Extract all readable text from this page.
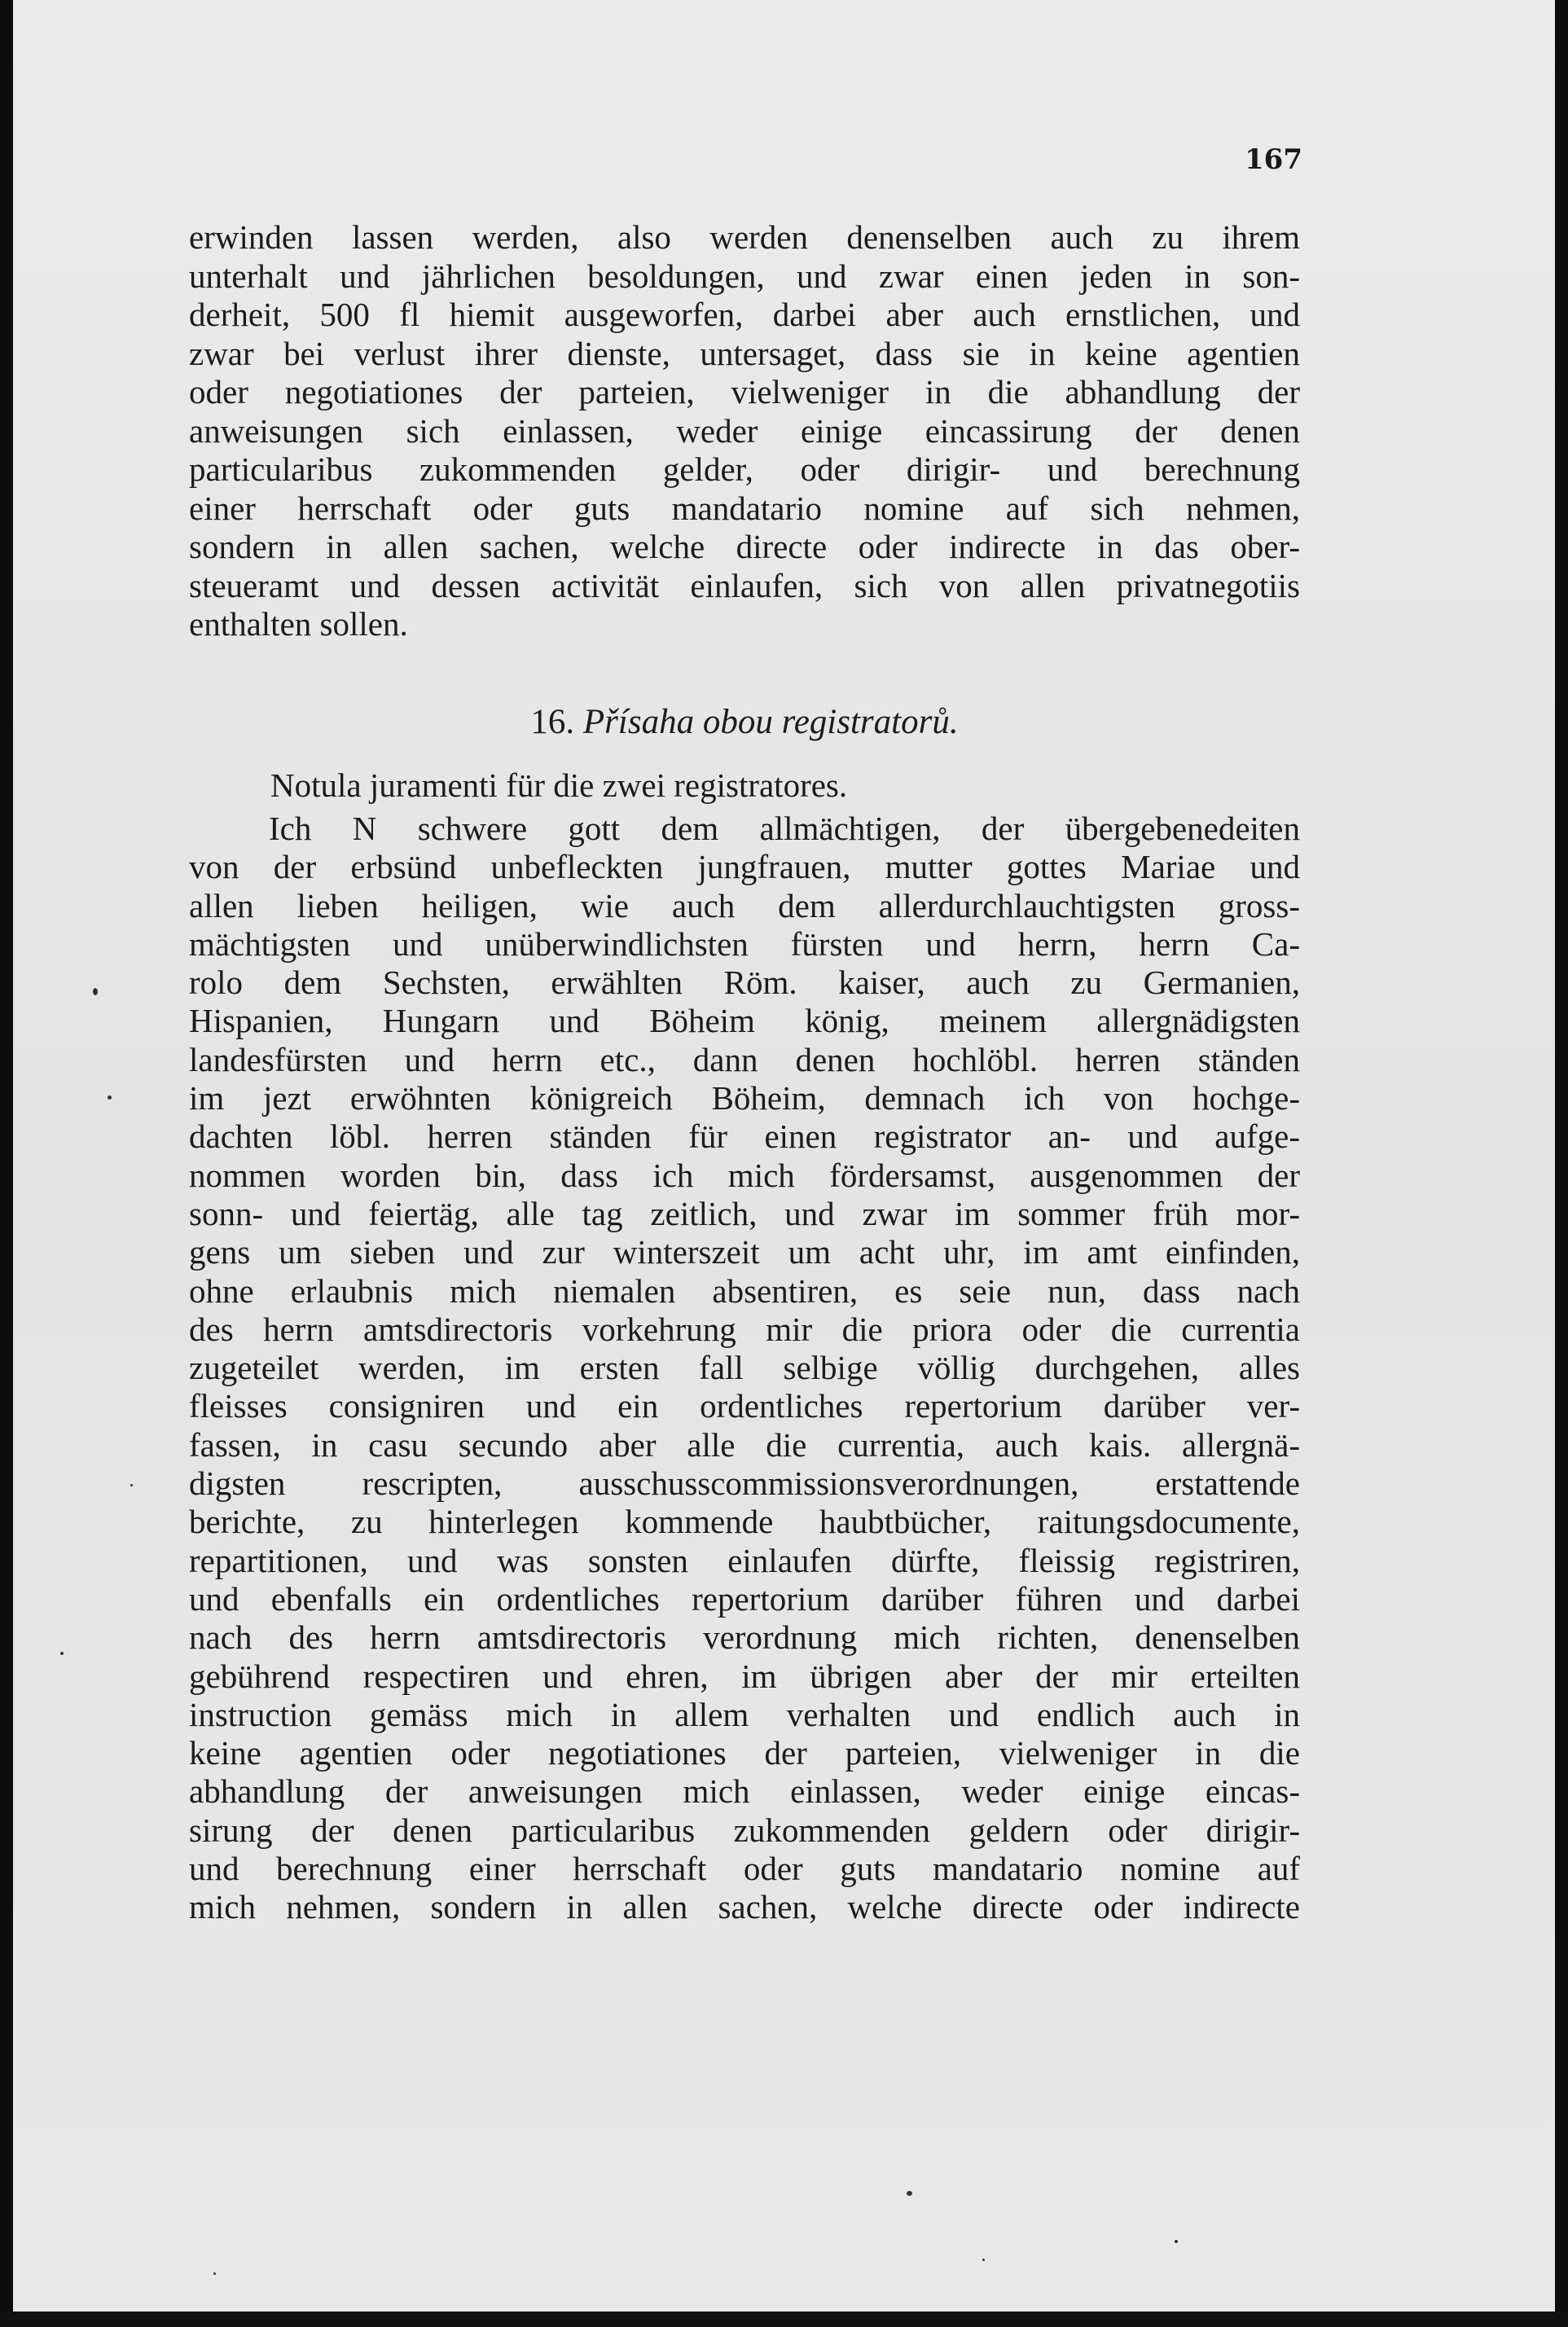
167

erwinden lassen werden, also werden denenselben auch zu ihrem
unterhalt und jährlichen besoldungen, und zwar einen jeden in son-
derheit, 500 fl hiemit ausgeworfen, darbei aber auch ernstlichen, und
zwar bei verlust ihrer dienste, untersaget, dass sie in keine agentien
oder negotiationes der parteien, vielweniger in die abhandlung der
anweisungen sich einlassen, weder einige eincassirung der denen
particularibus zukommenden gelder, oder dirigir- und berechnung
einer herrschaft oder guts mandatario nomine auf sich nehmen,
sondern in allen sachen, welche directe oder indirecte in das ober-
steueramt und dessen activität einlaufen, sich von allen privatnegotiis
enthalten sollen.

16. Přísaha obou registratorů.

Notula juramenti für die zwei registratores.

Ich N schwere gott dem allmächtigen, der übergebenedeiten
von der erbsünd unbefleckten jungfrauen, mutter gottes Mariae und
allen lieben heiligen, wie auch dem allerdurchlauchtigsten gross-
mächtigsten und unüberwindlichsten fürsten und herrn, herrn Ca-
rolo dem Sechsten, erwählten Röm. kaiser, auch zu Germanien,
Hispanien, Hungarn und Böheim könig, meinem allergnädigsten
landesfürsten und herrn etc., dann denen hochlöbl. herren ständen
im jezt erwöhnten königreich Böheim, demnach ich von hochge-
dachten löbl. herren ständen für einen registrator an- und aufge-
nommen worden bin, dass ich mich fördersamst, ausgenommen der
sonn- und feiertäg, alle tag zeitlich, und zwar im sommer früh mor-
gens um sieben und zur winterszeit um acht uhr, im amt einfinden,
ohne erlaubnis mich niemalen absentiren, es seie nun, dass nach
des herrn amtsdirectoris vorkehrung mir die priora oder die currentia
zugeteilet werden, im ersten fall selbige völlig durchgehen, alles
fleisses consigniren und ein ordentliches repertorium darüber ver-
fassen, in casu secundo aber alle die currentia, auch kais. allergnä-
digsten rescripten, ausschusscommissionsverordnungen, erstattende
berichte, zu hinterlegen kommende haubtbücher, raitungsdocumente,
repartitionen, und was sonsten einlaufen dürfte, fleissig registriren,
und ebenfalls ein ordentliches repertorium darüber führen und darbei
nach des herrn amtsdirectoris verordnung mich richten, denenselben
gebührend respectiren und ehren, im übrigen aber der mir erteilten
instruction gemäss mich in allem verhalten und endlich auch in
keine agentien oder negotiationes der parteien, vielweniger in die
abhandlung der anweisungen mich einlassen, weder einige eincas-
sirung der denen particularibus zukommenden geldern oder dirigir-
und berechnung einer herrschaft oder guts mandatario nomine auf
mich nehmen, sondern in allen sachen, welche directe oder indirecte
